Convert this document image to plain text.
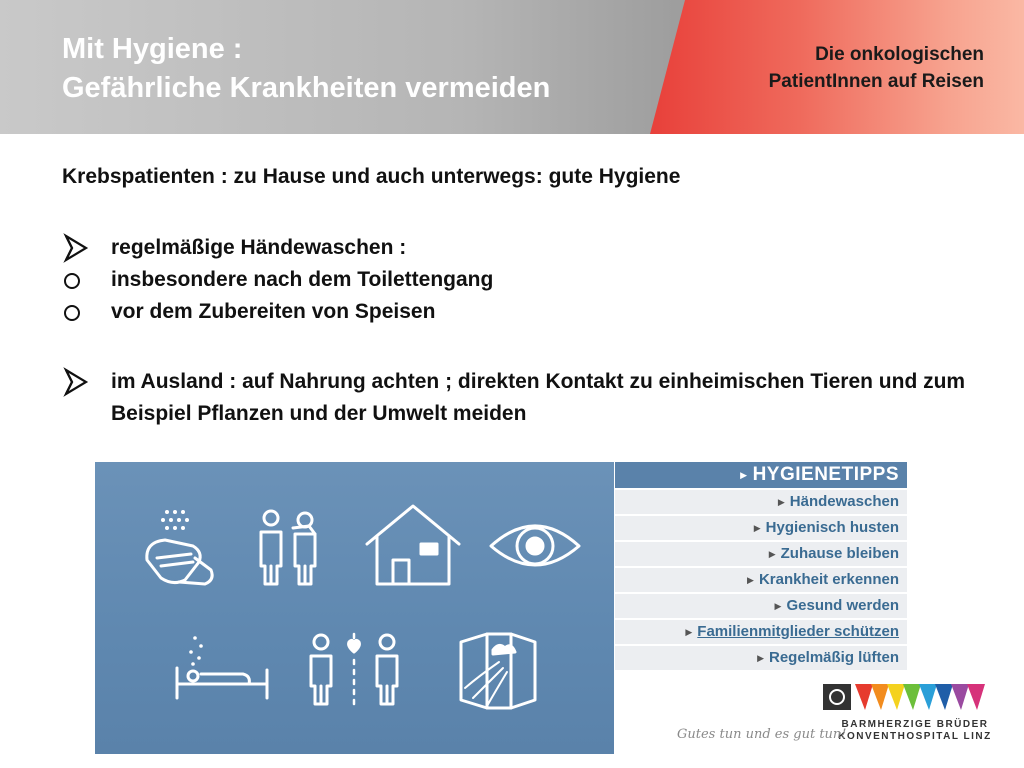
Mit Hygiene :
Gefährliche Krankheiten vermeiden
Die onkologischen
PatientInnen auf Reisen
Krebspatienten : zu Hause und auch unterwegs: gute Hygiene
regelmäßige Händewaschen :
insbesondere nach dem Toilettengang
vor dem Zubereiten von Speisen
im Ausland : auf Nahrung achten ; direkten Kontakt zu einheimischen Tieren und zum Beispiel Pflanzen und der Umwelt meiden
▶ HYGIENETIPPS
▶ Händewaschen
▶ Hygienisch husten
▶ Zuhause bleiben
▶ Krankheit erkennen
▶ Gesund werden
▶ Familienmitglieder schützen
▶ Regelmäßig lüften
BARMHERZIGE BRÜDER
KONVENTHOSPITAL LINZ
Gutes tun und es gut tun!
